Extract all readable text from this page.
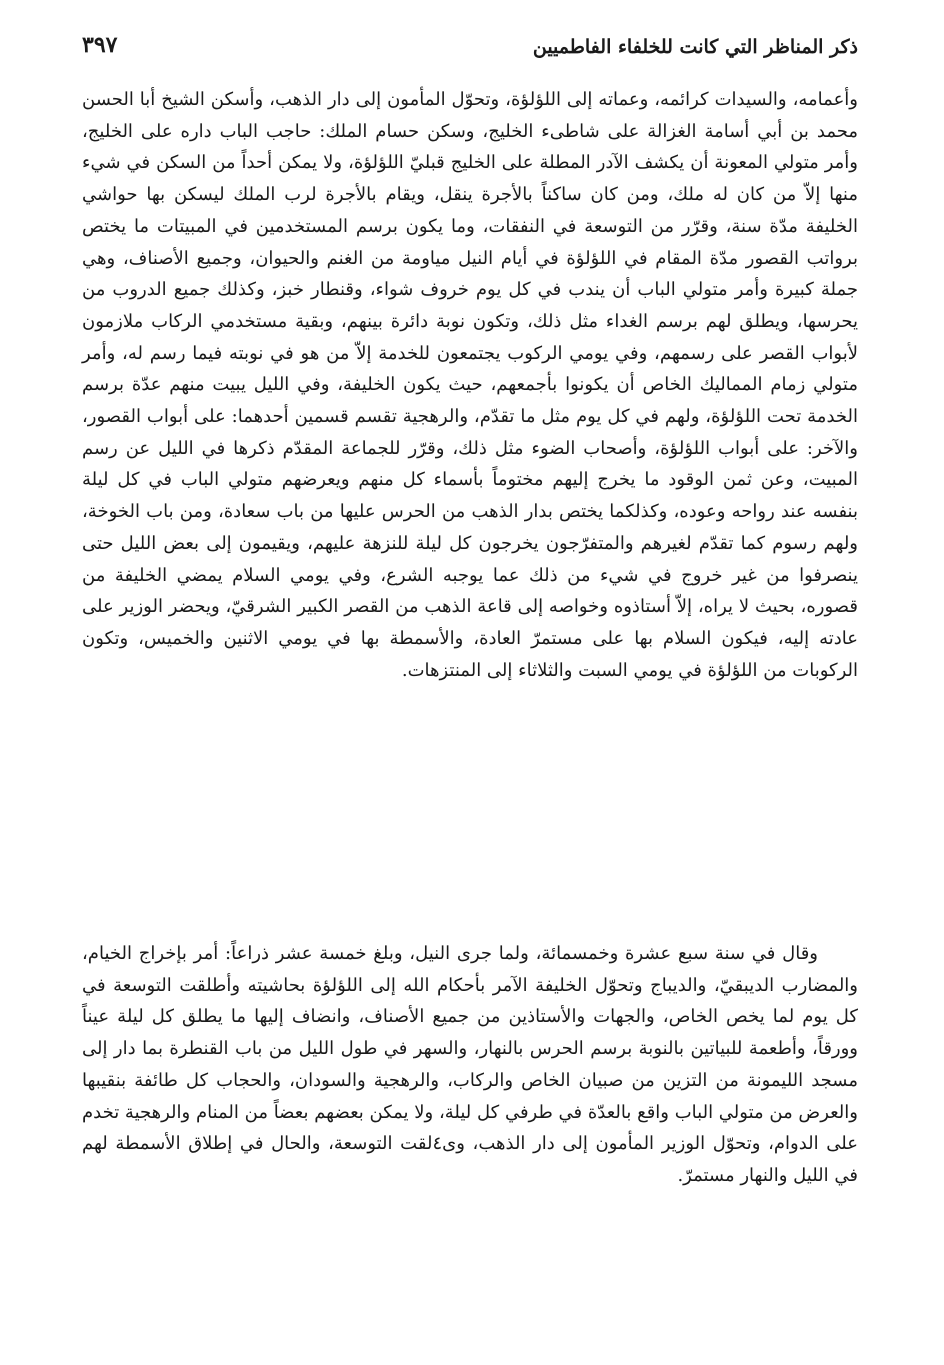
ذكر المناظر التي كانت للخلفاء الفاطميين
٣٩٧

وأعمامه، والسيدات كرائمه، وعماته إلى اللؤلؤة، وتحوّل المأمون إلى دار الذهب، وأسكن الشيخ أبا الحسن محمد بن أبي أسامة الغزالة على شاطىء الخليج، وسكن حسام الملك: حاجب الباب داره على الخليج، وأمر متولي المعونة أن يكشف الآدر المطلة على الخليج قبليّ اللؤلؤة، ولا يمكن أحداً من السكن في شيء منها إلاّ من كان له ملك، ومن كان ساكناً بالأجرة ينقل، ويقام بالأجرة لرب الملك ليسكن بها حواشي الخليفة مدّة سنة، وقرّر من التوسعة في النفقات، وما يكون برسم المستخدمين في المبيتات ما يختص برواتب القصور مدّة المقام في اللؤلؤة في أيام النيل مياومة من الغنم والحيوان، وجميع الأصناف، وهي جملة كبيرة وأمر متولي الباب أن يندب في كل يوم خروف شواء، وقنطار خبز، وكذلك جميع الدروب من يحرسها، ويطلق لهم برسم الغداء مثل ذلك، وتكون نوبة دائرة بينهم، وبقية مستخدمي الركاب ملازمون لأبواب القصر على رسمهم، وفي يومي الركوب يجتمعون للخدمة إلاّ من هو في نوبته فيما رسم له، وأمر متولي زمام المماليك الخاص أن يكونوا بأجمعهم، حيث يكون الخليفة، وفي الليل يبيت منهم عدّة برسم الخدمة تحت اللؤلؤة، ولهم في كل يوم مثل ما تقدّم، والرهجية تقسم قسمين أحدهما: على أبواب القصور، والآخر: على أبواب اللؤلؤة، وأصحاب الضوء مثل ذلك، وقرّر للجماعة المقدّم ذكرها في الليل عن رسم المبيت، وعن ثمن الوقود ما يخرج إليهم مختوماً بأسماء كل منهم ويعرضهم متولي الباب في كل ليلة بنفسه عند رواحه وعوده، وكذلكما يختص بدار الذهب من الحرس عليها من باب سعادة، ومن باب الخوخة، ولهم رسوم كما تقدّم لغيرهم والمتفرّجون يخرجون كل ليلة للنزهة عليهم، ويقيمون إلى بعض الليل حتى ينصرفوا من غير خروج في شيء من ذلك عما يوجبه الشرع، وفي يومي السلام يمضي الخليفة من قصوره، بحيث لا يراه، إلاّ أستاذوه وخواصه إلى قاعة الذهب من القصر الكبير الشرقيّ، ويحضر الوزير على عادته إليه، فيكون السلام بها على مستمرّ العادة، والأسمطة بها في يومي الاثنين والخميس، وتكون الركوبات من اللؤلؤة في يومي السبت والثلاثاء إلى المنتزهات.

وقال في سنة سبع عشرة وخمسمائة، ولما جرى النيل، وبلغ خمسة عشر ذراعاً: أمر بإخراج الخيام، والمضارب الديبقيّ، والديباج وتحوّل الخليفة الآمر بأحكام الله إلى اللؤلؤة بحاشيته وأطلقت التوسعة في كل يوم لما يخص الخاص، والجهات والأستاذين من جميع الأصناف، وانضاف إليها ما يطلق كل ليلة عيناً وورقاً، وأطعمة للبياتين بالنوبة برسم الحرس بالنهار، والسهر في طول الليل من باب القنطرة بما دار إلى مسجد الليمونة من التزين من صبيان الخاص والركاب، والرهجية والسودان، والحجاب كل طائفة بنقيبها والعرض من متولي الباب واقع بالعدّة في طرفي كل ليلة، ولا يمكن بعضهم بعضاً من المنام والرهجية تخدم على الدوام، وتحوّل الوزير المأمون إلى دار الذهب، وى٤لقت التوسعة، والحال في إطلاق الأسمطة لهم في الليل والنهار مستمرّ.
